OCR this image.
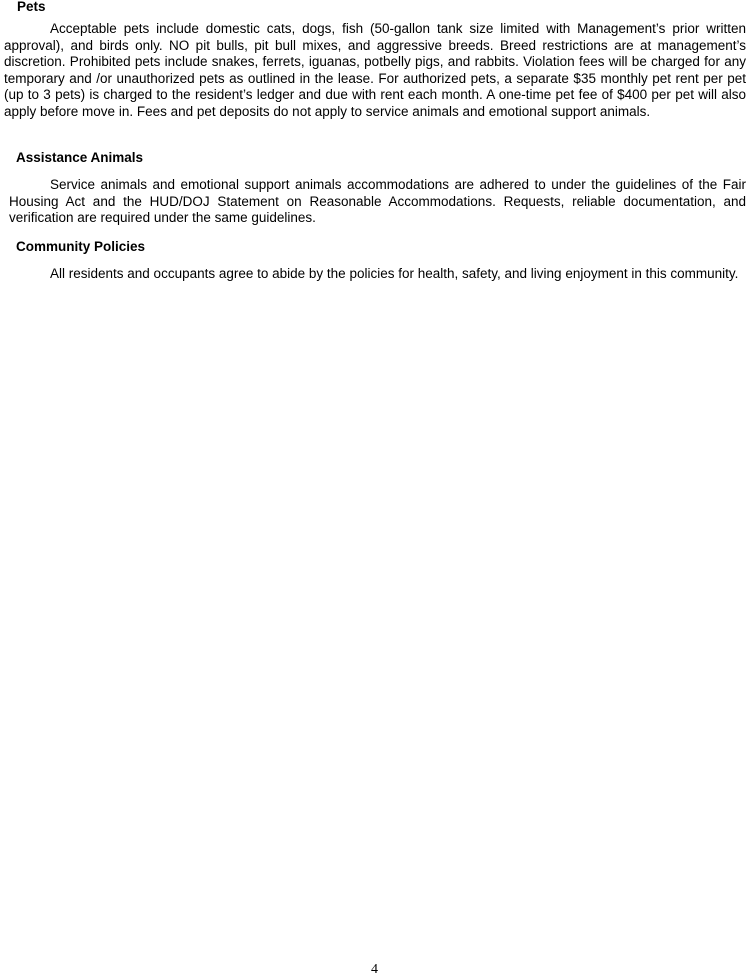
Pets

Acceptable pets include domestic cats, dogs, fish (50-gallon tank size limited with Management’s prior written approval), and birds only. NO pit bulls, pit bull mixes, and aggressive breeds. Breed restrictions are at management’s discretion. Prohibited pets include snakes, ferrets, iguanas, potbelly pigs, and rabbits. Violation fees will be charged for any temporary and /or unauthorized pets as outlined in the lease. For authorized pets, a separate $35 monthly pet rent per pet (up to 3 pets) is charged to the resident’s ledger and due with rent each month. A one-time pet fee of $400 per pet will also apply before move in. Fees and pet deposits do not apply to service animals and emotional support animals.

Assistance Animals

Service animals and emotional support animals accommodations are adhered to under the guidelines of the Fair Housing Act and the HUD/DOJ Statement on Reasonable Accommodations. Requests, reliable documentation, and verification are required under the same guidelines.

Community Policies

All residents and occupants agree to abide by the policies for health, safety, and living enjoyment in this community.

4
